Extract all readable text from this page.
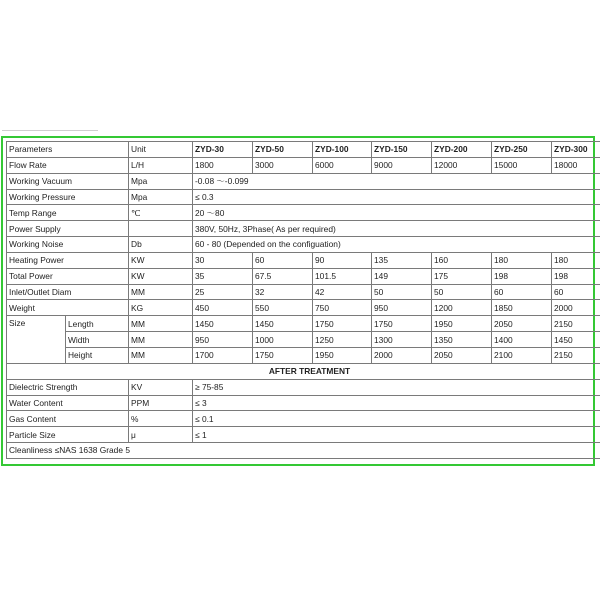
Parameters		Unit	ZYD-30	ZYD-50	ZYD-100	ZYD-150	ZYD-200	ZYD-250	ZYD-300
Flow Rate		L/H	1800	3000	6000	9000	12000	15000	18000
Working Vacuum		Mpa	-0.08 ～-0.099						
Working Pressure		Mpa	≤ 0.3						
Temp Range		℃	20 ～80						
Power Supply			380V, 50Hz, 3Phase( As per required)						
Working Noise		Db	60 - 80 (Depended on the configuation)						
Heating Power		KW	30	60	90	135	160	180	180
Total Power		KW	35	67.5	101.5	149	175	198	198
Inlet/Outlet Diam		MM	25	32	42	50	50	60	60
Weight		KG	450	550	750	950	1200	1850	2000
Size	Length	MM	1450	1450	1750	1750	1950	2050	2150
	Width	MM	950	1000	1250	1300	1350	1400	1450
	Height	MM	1700	1750	1950	2000	2050	2100	2150
AFTER TREATMENT									
Dielectric Strength		KV	≥ 75-85						
Water Content		PPM	≤ 3						
Gas Content		%	≤ 0.1						
Particle Size		μ	≤ 1						
Cleanliness ≤NAS 1638 Grade 5									
